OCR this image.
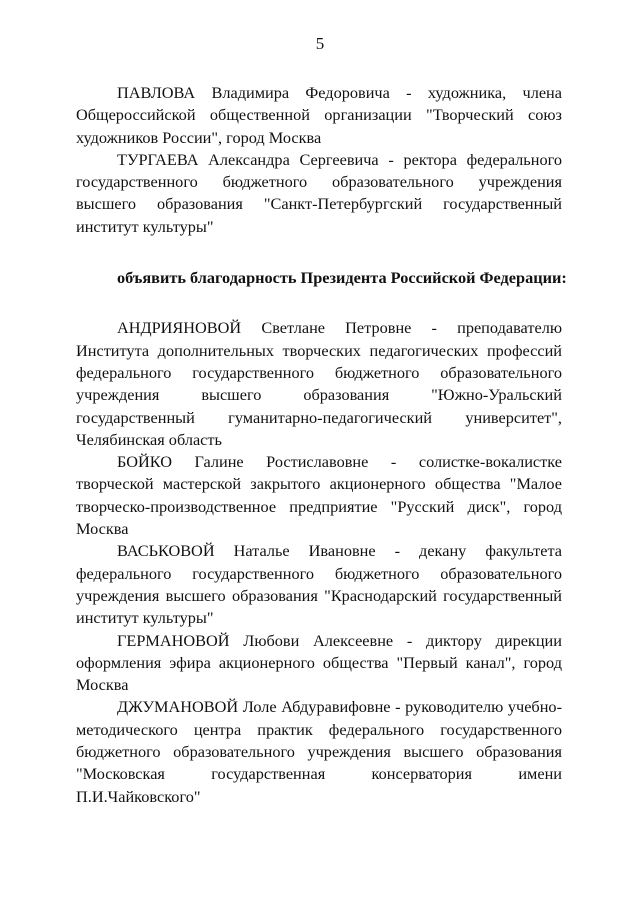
5

ПАВЛОВА Владимира Федоровича - художника, члена Общероссийской общественной организации "Творческий союз художников России", город Москва

ТУРГАЕВА Александра Сергеевича - ректора федерального государственного бюджетного образовательного учреждения высшего образования "Санкт-Петербургский государственный институт культуры"

объявить благодарность Президента Российской Федерации:

АНДРИЯНОВОЙ Светлане Петровне - преподавателю Института дополнительных творческих педагогических профессий федерального государственного бюджетного образовательного учреждения высшего образования "Южно-Уральский государственный гуманитарно-педагогический университет", Челябинская область

БОЙКО Галине Ростиславовне - солистке-вокалистке творческой мастерской закрытого акционерного общества "Малое творческо-производственное предприятие "Русский диск", город Москва

ВАСЬКОВОЙ Наталье Ивановне - декану факультета федерального государственного бюджетного образовательного учреждения высшего образования "Краснодарский государственный институт культуры"

ГЕРМАНОВОЙ Любови Алексеевне - диктору дирекции оформления эфира акционерного общества "Первый канал", город Москва

ДЖУМАНОВОЙ Лоле Абдуравифовне - руководителю учебно-методического центра практик федерального государственного бюджетного образовательного учреждения высшего образования "Московская государственная консерватория имени П.И.Чайковского"
